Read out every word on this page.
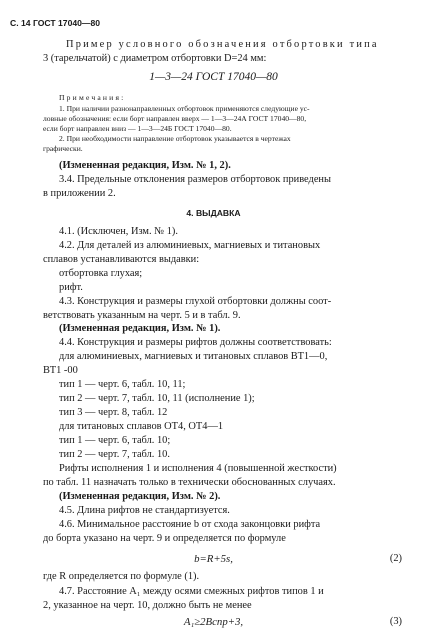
С. 14 ГОСТ 17040—80
Пример условного обозначения отбортовки типа
3 (тарельчатой) с диаметром отбортовки D=24 мм:
1—3—24 ГОСТ 17040—80
Примечания:
1. При наличии разнонаправленных отбортовок применяются следующие ус-
ловные обозначения: если борт направлен вверх — 1—3—24А ГОСТ 17040—80,
если борт направлен вниз — 1—3—24Б ГОСТ 17040—80.
2. При необходимости направление отбортовок указывается в чертежах
графически.
(Измененная редакция, Изм. № 1, 2).
3.4. Предельные отклонения размеров отбортовок приведены
в приложении 2.
4. ВЫДАВКА
4.1. (Исключен, Изм. № 1).
4.2. Для деталей из алюминиевых, магниевых и титановых
сплавов устанавливаются выдавки:
отбортовка глухая;
рифт.
4.3. Конструкция и размеры глухой отбортовки должны соот-
ветствовать указанным на черт. 5 и в табл. 9.
(Измененная редакция, Изм. № 1).
4.4. Конструкция и размеры рифтов должны соответствовать:
для алюминиевых, магниевых и титановых сплавов ВТ1—0,
ВТ1 -00
тип 1 — черт. 6, табл. 10, 11;
тип 2 — черт. 7, табл. 10, 11 (исполнение 1);
тип 3 — черт. 8, табл. 12
для титановых сплавов ОТ4, ОТ4—1
тип 1 — черт. 6, табл. 10;
тип 2 — черт. 7, табл. 10.
Рифты исполнения 1 и исполнения 4 (повышенной жесткости)
по табл. 11 назначать только в технически обоснованных случаях.
(Измененная редакция, Изм. № 2).
4.5. Длина рифтов не стандартизуется.
4.6. Минимальное расстояние b от схода законцовки рифта
до борта указано на черт. 9 и определяется по формуле
b=R+5s,	(2)
где R определяется по формуле (1).
4.7. Расстояние A₁ между осями смежных рифтов типов 1 и
2, указанное на черт. 10, должно быть не менее
A₁≥2Bспр+3,	(3)
